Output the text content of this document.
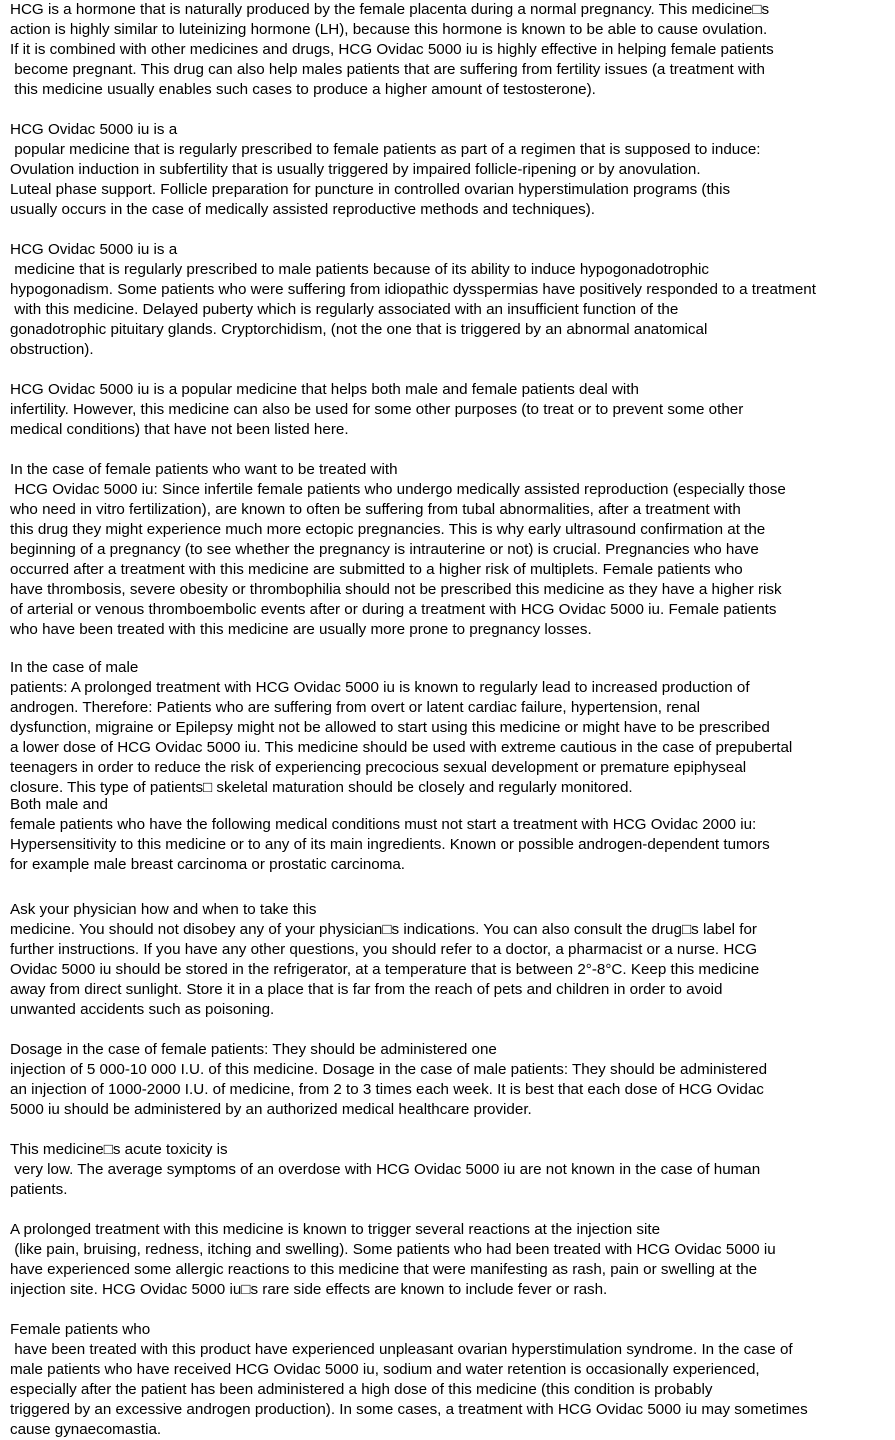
HCG is a hormone that is naturally produced by the female placenta during a normal pregnancy. This medicine□s
action is highly similar to luteinizing hormone (LH), because this hormone is known to be able to cause ovulation.
If it is combined with other medicines and drugs, HCG Ovidac 5000 iu is highly effective in helping female patients
become pregnant. This drug can also help males patients that are suffering from fertility issues (a treatment with
this medicine usually enables such cases to produce a higher amount of testosterone).
HCG Ovidac 5000 iu is a
popular medicine that is regularly prescribed to female patients as part of a regimen that is supposed to induce:
Ovulation induction in subfertility that is usually triggered by impaired follicle-ripening or by anovulation.
Luteal phase support. Follicle preparation for puncture in controlled ovarian hyperstimulation programs (this
usually occurs in the case of medically assisted reproductive methods and techniques).
HCG Ovidac 5000 iu is a
medicine that is regularly prescribed to male patients because of its ability to induce hypogonadotrophic
hypogonadism. Some patients who were suffering from idiopathic dysspermias have positively responded to a treatment
with this medicine. Delayed puberty which is regularly associated with an insufficient function of the
gonadotrophic pituitary glands. Cryptorchidism, (not the one that is triggered by an abnormal anatomical
obstruction).
HCG Ovidac 5000 iu is a popular medicine that helps both male and female patients deal with
infertility. However, this medicine can also be used for some other purposes (to treat or to prevent some other
medical conditions) that have not been listed here.
In the case of female patients who want to be treated with
HCG Ovidac 5000 iu: Since infertile female patients who undergo medically assisted reproduction (especially those
who need in vitro fertilization), are known to often be suffering from tubal abnormalities, after a treatment with
this drug they might experience much more ectopic pregnancies. This is why early ultrasound confirmation at the
beginning of a pregnancy (to see whether the pregnancy is intrauterine or not) is crucial. Pregnancies who have
occurred after a treatment with this medicine are submitted to a higher risk of multiplets. Female patients who
have thrombosis, severe obesity or thrombophilia should not be prescribed this medicine as they have a higher risk
of arterial or venous thromboembolic events after or during a treatment with HCG Ovidac 5000 iu. Female patients
who have been treated with this medicine are usually more prone to pregnancy losses.
In the case of male
patients: A prolonged treatment with HCG Ovidac 5000 iu is known to regularly lead to increased production of
androgen. Therefore: Patients who are suffering from overt or latent cardiac failure, hypertension, renal
dysfunction, migraine or Epilepsy might not be allowed to start using this medicine or might have to be prescribed
a lower dose of HCG Ovidac 5000 iu. This medicine should be used with extreme cautious in the case of prepubertal
teenagers in order to reduce the risk of experiencing precocious sexual development or premature epiphyseal
closure. This type of patients□ skeletal maturation should be closely and regularly monitored.
Both male and
female patients who have the following medical conditions must not start a treatment with HCG Ovidac 2000 iu:
Hypersensitivity to this medicine or to any of its main ingredients. Known or possible androgen-dependent tumors
for example male breast carcinoma or prostatic carcinoma.
Ask your physician how and when to take this
medicine. You should not disobey any of your physician□s indications. You can also consult the drug□s label for
further instructions. If you have any other questions, you should refer to a doctor, a pharmacist or a nurse. HCG
Ovidac 5000 iu should be stored in the refrigerator, at a temperature that is between 2°-8°C. Keep this medicine
away from direct sunlight. Store it in a place that is far from the reach of pets and children in order to avoid
unwanted accidents such as poisoning.
Dosage in the case of female patients: They should be administered one
injection of 5 000-10 000 I.U. of this medicine. Dosage in the case of male patients: They should be administered
an injection of 1000-2000 I.U. of medicine, from 2 to 3 times each week. It is best that each dose of HCG Ovidac
5000 iu should be administered by an authorized medical healthcare provider.
This medicine□s acute toxicity is
very low. The average symptoms of an overdose with HCG Ovidac 5000 iu are not known in the case of human
patients.
A prolonged treatment with this medicine is known to trigger several reactions at the injection site
(like pain, bruising, redness, itching and swelling). Some patients who had been treated with HCG Ovidac 5000 iu
have experienced some allergic reactions to this medicine that were manifesting as rash, pain or swelling at the
injection site. HCG Ovidac 5000 iu□s rare side effects are known to include fever or rash.
Female patients who
have been treated with this product have experienced unpleasant ovarian hyperstimulation syndrome. In the case of
male patients who have received HCG Ovidac 5000 iu, sodium and water retention is occasionally experienced,
especially after the patient has been administered a high dose of this medicine (this condition is probably
triggered by an excessive androgen production). In some cases, a treatment with HCG Ovidac 5000 iu may sometimes
cause gynaecomastia.
